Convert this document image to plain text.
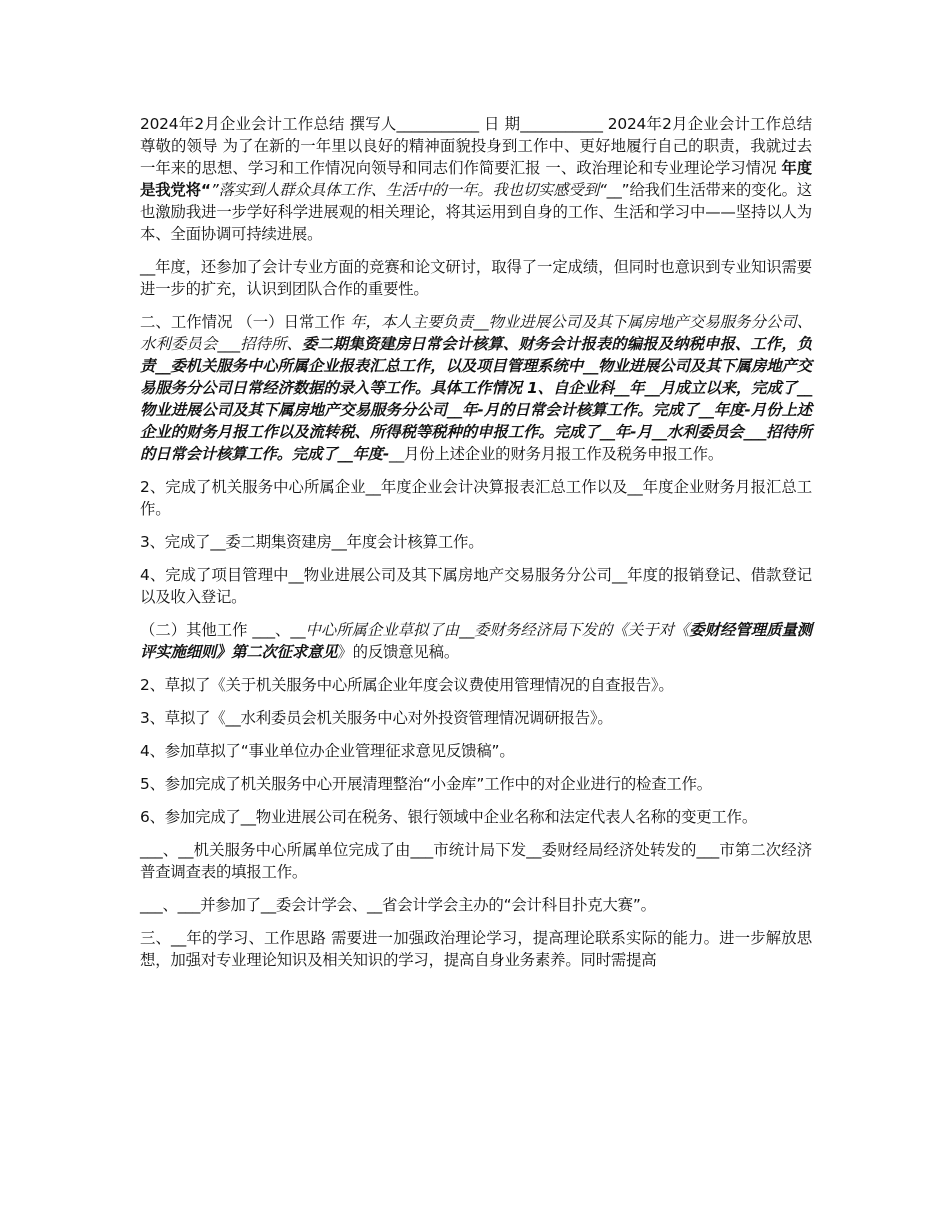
2024年2月企业会计工作总结 撰写人___________ 日 期___________ 2024年2月企业会计工作总结 尊敬的领导 为了在新的一年里以良好的精神面貌投身到工作中、更好地履行自己的职责，我就过去一年来的思想、学习和工作情况向领导和同志们作简要汇报 一、政治理论和专业理论学习情况 年度是我党将“”落实到人群众具体工作、生活中的一年。我也切实感受到“__”给我们生活带来的变化。这也激励我进一步学好科学进展观的相关理论，将其运用到自身的工作、生活和学习中——坚持以人为本、全面协调可持续进展。

__年度，还参加了会计专业方面的竞赛和论文研讨，取得了一定成绩，但同时也意识到专业知识需要进一步的扩充，认识到团队合作的重要性。

二、工作情况 （一）日常工作 年，本人主要负责__物业进展公司及其下属房地产交易服务分公司、水利委员会___招待所、委二期集资建房日常会计核算、财务会计报表的编报及纳税申报、工作，负责__委机关服务中心所属企业报表汇总工作，以及项目管理系统中__物业进展公司及其下属房地产交易服务分公司日常经济数据的录入等工作。具体工作情况 1、自企业科__年__月成立以来，完成了__物业进展公司及其下属房地产交易服务分公司__年-月的日常会计核算工作。完成了__年度-月份上述企业的财务月报工作以及流转税、所得税等税种的申报工作。完成了__年-月__水利委员会___招待所的日常会计核算工作。完成了__年度-__月份上述企业的财务月报工作及税务申报工作。

2、完成了机关服务中心所属企业__年度企业会计决算报表汇总工作以及__年度企业财务月报汇总工作。

3、完成了__委二期集资建房__年度会计核算工作。

4、完成了项目管理中__物业进展公司及其下属房地产交易服务分公司__年度的报销登记、借款登记以及收入登记。

（二）其他工作 ___、__中心所属企业草拟了由__委财务经济局下发的《关于对《委财经管理质量测评实施细则》第二次征求意见》的反馈意见稿。

2、草拟了《关于机关服务中心所属企业年度会议费使用管理情况的自查报告》。

3、草拟了《__水利委员会机关服务中心对外投资管理情况调研报告》。

4、参加草拟了“事业单位办企业管理征求意见反馈稿”。

5、参加完成了机关服务中心开展清理整治“小金库”工作中的对企业进行的检查工作。

6、参加完成了__物业进展公司在税务、银行领域中企业名称和法定代表人名称的变更工作。

___、__机关服务中心所属单位完成了由___市统计局下发__委财经局经济处转发的___市第二次经济普查调查表的填报工作。

___、___并参加了__委会计学会、__省会计学会主办的“会计科目扑克大赛”。

三、__年的学习、工作思路 需要进一加强政治理论学习，提高理论联系实际的能力。进一步解放思想，加强对专业理论知识及相关知识的学习，提高自身业务素养。同时需提高
